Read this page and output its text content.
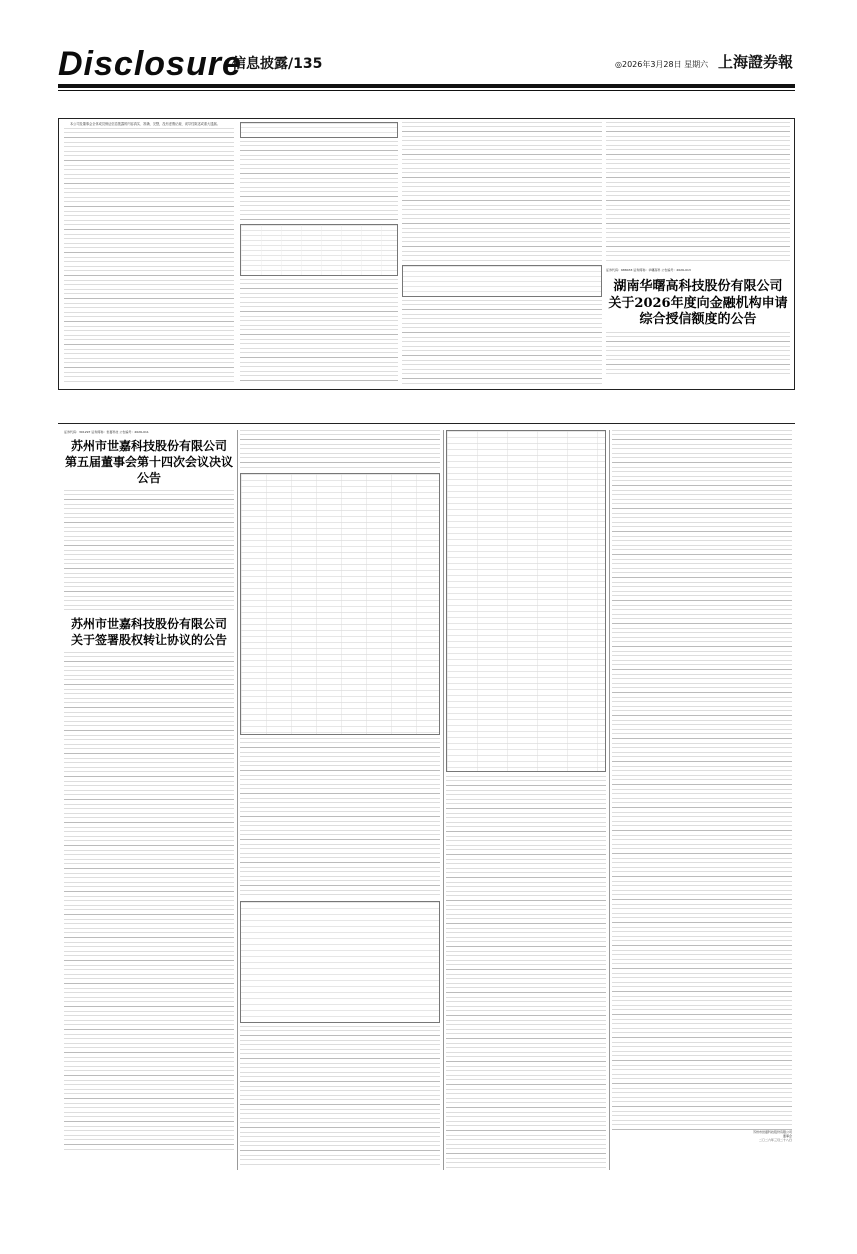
Disclosure
信息披露/135	◎2026年3月28日 星期六 上海證券報

本公司及董事会全体成员保证信息披露的内容真实、准确、完整，没有虚假记载、误导性陈述或重大遗漏。

证券代码：688433 证券简称：华曙高科 公告编号：2026-013
湖南华曙高科技股份有限公司
关于2026年度向金融机构申请综合授信额度的公告
证券代码：301297 证券简称：世嘉科技 公告编号：2026-011
苏州市世嘉科技股份有限公司
第五届董事会第十四次会议决议公告
苏州市世嘉科技股份有限公司
关于签署股权转让协议的公告
苏州市世嘉科技股份有限公司
董事会
二〇二六年三月二十八日
